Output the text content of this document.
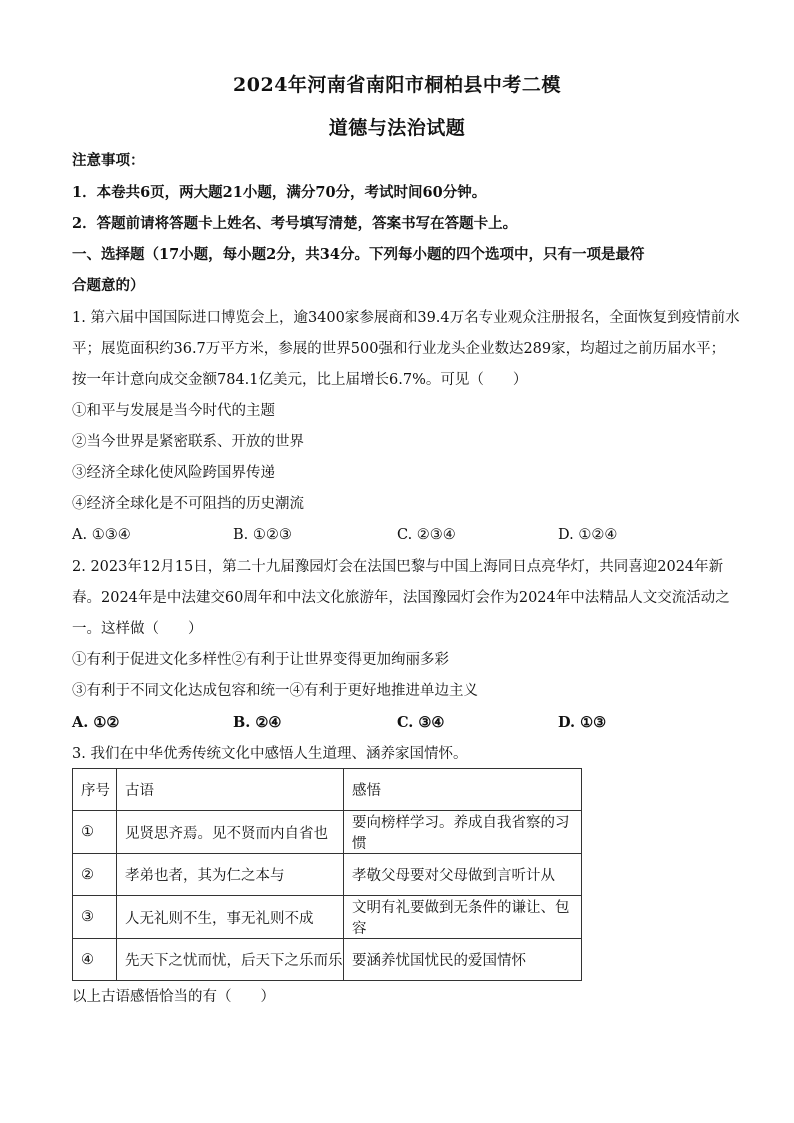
2024年河南省南阳市桐柏县中考二模
道德与法治试题
注意事项：
1．本卷共6页，两大题21小题，满分70分，考试时间60分钟。
2．答题前请将答题卡上姓名、考号填写清楚，答案书写在答题卡上。
一、选择题（17小题，每小题2分，共34分。下列每小题的四个选项中，只有一项是最符
合题意的）
1. 第六届中国国际进口博览会上，逾3400家参展商和39.4万名专业观众注册报名，全面恢复到疫情前水
平；展览面积约36.7万平方米，参展的世界500强和行业龙头企业数达289家，均超过之前历届水平；
按一年计意向成交金额784.1亿美元，比上届增长6.7%。可见（　　）
①和平与发展是当今时代的主题
②当今世界是紧密联系、开放的世界
③经济全球化使风险跨国界传递
④经济全球化是不可阻挡的历史潮流
A. ①③④	B. ①②③	C. ②③④	D. ①②④
2. 2023年12月15日，第二十九届豫园灯会在法国巴黎与中国上海同日点亮华灯，共同喜迎2024年新
春。2024年是中法建交60周年和中法文化旅游年，法国豫园灯会作为2024年中法精品人文交流活动之
一。这样做（　　）
①有利于促进文化多样性②有利于让世界变得更加绚丽多彩
③有利于不同文化达成包容和统一④有利于更好地推进单边主义
A. ①②	B. ②④	C. ③④	D. ①③
3. 我们在中华优秀传统文化中感悟人生道理、涵养家国情怀。
序号	古语	感悟
①	见贤思齐焉。见不贤而内自省也	要向榜样学习。养成自我省察的习惯
②	孝弟也者，其为仁之本与	孝敬父母要对父母做到言听计从
③	人无礼则不生，事无礼则不成	文明有礼要做到无条件的谦让、包容
④	先天下之忧而忧，后天下之乐而乐	要涵养忧国忧民的爱国情怀
以上古语感悟恰当的有（　　）
